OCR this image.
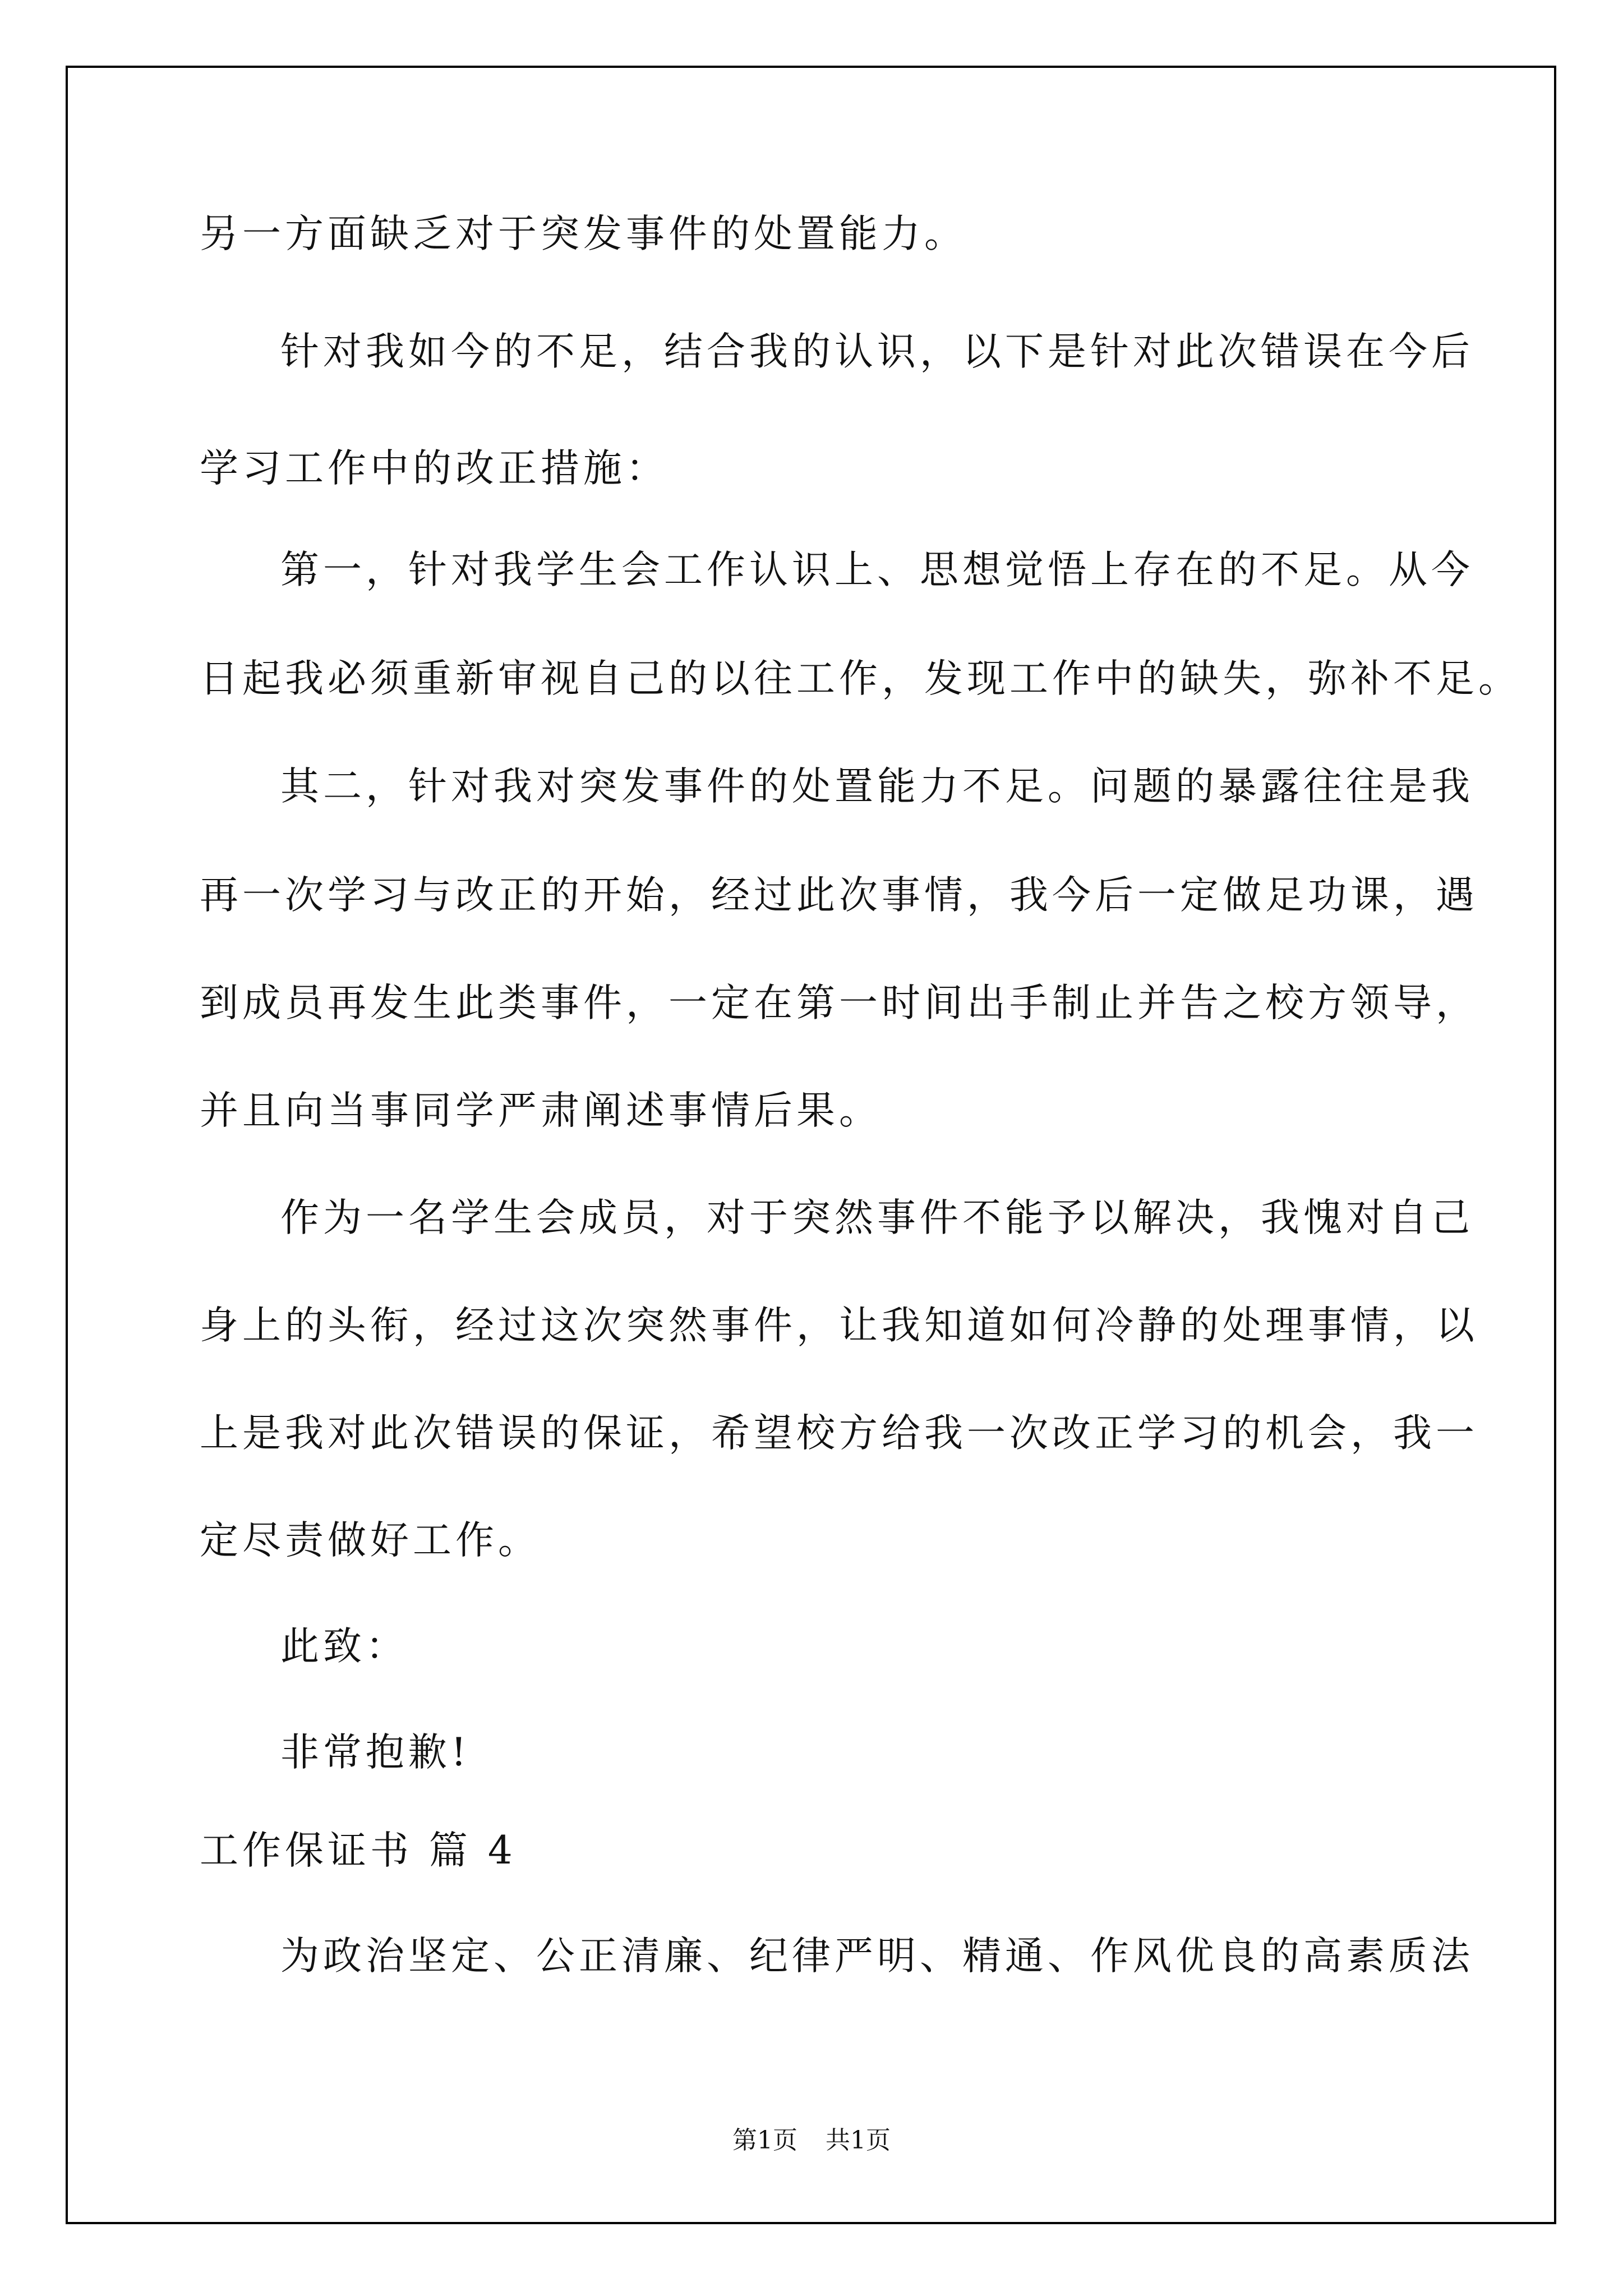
另一方面缺乏对于突发事件的处置能力。
针对我如今的不足，结合我的认识，以下是针对此次错误在今后
学习工作中的改正措施：
第一，针对我学生会工作认识上、思想觉悟上存在的不足。从今
日起我必须重新审视自己的以往工作，发现工作中的缺失，弥补不足。
其二，针对我对突发事件的处置能力不足。问题的暴露往往是我
再一次学习与改正的开始，经过此次事情，我今后一定做足功课，遇
到成员再发生此类事件，一定在第一时间出手制止并告之校方领导，
并且向当事同学严肃阐述事情后果。
作为一名学生会成员，对于突然事件不能予以解决，我愧对自己
身上的头衔，经过这次突然事件，让我知道如何冷静的处理事情，以
上是我对此次错误的保证，希望校方给我一次改正学习的机会，我一
定尽责做好工作。
此致：
非常抱歉!
工作保证书 篇 4
为政治坚定、公正清廉、纪律严明、精通、作风优良的高素质法
第1页 共1页
